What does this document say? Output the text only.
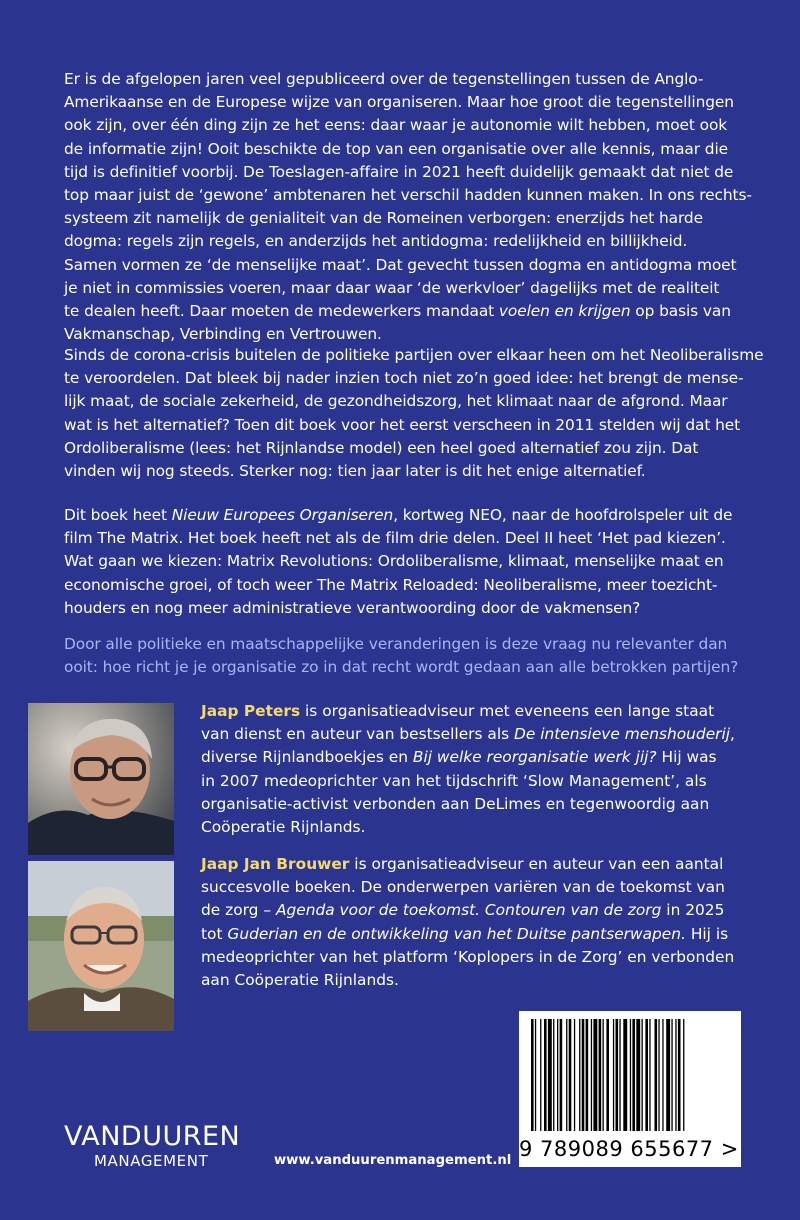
Er is de afgelopen jaren veel gepubliceerd over de tegenstellingen tussen de Anglo-
Amerikaanse en de Europese wijze van organiseren. Maar hoe groot die tegenstellingen
ook zijn, over één ding zijn ze het eens: daar waar je autonomie wilt hebben, moet ook
de informatie zijn! Ooit beschikte de top van een organisatie over alle kennis, maar die
tijd is definitief voorbij. De Toeslagen-affaire in 2021 heeft duidelijk gemaakt dat niet de
top maar juist de ‘gewone’ ambtenaren het verschil hadden kunnen maken. In ons rechts-
systeem zit namelijk de genialiteit van de Romeinen verborgen: enerzijds het harde
dogma: regels zijn regels, en anderzijds het antidogma: redelijkheid en billijkheid.
Samen vormen ze ‘de menselijke maat’. Dat gevecht tussen dogma en antidogma moet
je niet in commissies voeren, maar daar waar ‘de werkvloer’ dagelijks met de realiteit
te dealen heeft. Daar moeten de medewerkers mandaat voelen en krijgen op basis van
Vakmanschap, Verbinding en Vertrouwen.
Sinds de corona-crisis buitelen de politieke partijen over elkaar heen om het Neoliberalisme
te veroordelen. Dat bleek bij nader inzien toch niet zo’n goed idee: het brengt de mense-
lijk maat, de sociale zekerheid, de gezondheidszorg, het klimaat naar de afgrond. Maar
wat is het alternatief? Toen dit boek voor het eerst verscheen in 2011 stelden wij dat het
Ordoliberalisme (lees: het Rijnlandse model) een heel goed alternatief zou zijn. Dat
vinden wij nog steeds. Sterker nog: tien jaar later is dit het enige alternatief.
Dit boek heet Nieuw Europees Organiseren, kortweg NEO, naar de hoofdrolspeler uit de
film The Matrix. Het boek heeft net als de film drie delen. Deel II heet ‘Het pad kiezen’.
Wat gaan we kiezen: Matrix Revolutions: Ordoliberalisme, klimaat, menselijke maat en
economische groei, of toch weer The Matrix Reloaded: Neoliberalisme, meer toezicht-
houders en nog meer administratieve verantwoording door de vakmensen?
Door alle politieke en maatschappelijke veranderingen is deze vraag nu relevanter dan
ooit: hoe richt je je organisatie zo in dat recht wordt gedaan aan alle betrokken partijen?
Jaap Peters is organisatieadviseur met eveneens een lange staat
van dienst en auteur van bestsellers als De intensieve menshouderij,
diverse Rijnlandboekjes en Bij welke reorganisatie werk jij? Hij was
in 2007 medeoprichter van het tijdschrift ‘Slow Management’, als
organisatie-activist verbonden aan DeLimes en tegenwoordig aan
Coöperatie Rijnlands.
Jaap Jan Brouwer is organisatieadviseur en auteur van een aantal
succesvolle boeken. De onderwerpen variëren van de toekomst van
de zorg – Agenda voor de toekomst. Contouren van de zorg in 2025
tot Guderian en de ontwikkeling van het Duitse pantserwapen. Hij is
medeoprichter van het platform ‘Koplopers in de Zorg’ en verbonden
aan Coöperatie Rijnlands.
VANDUUREN
MANAGEMENT	www.vanduurenmanagement.nl 9 789089 655677 >
